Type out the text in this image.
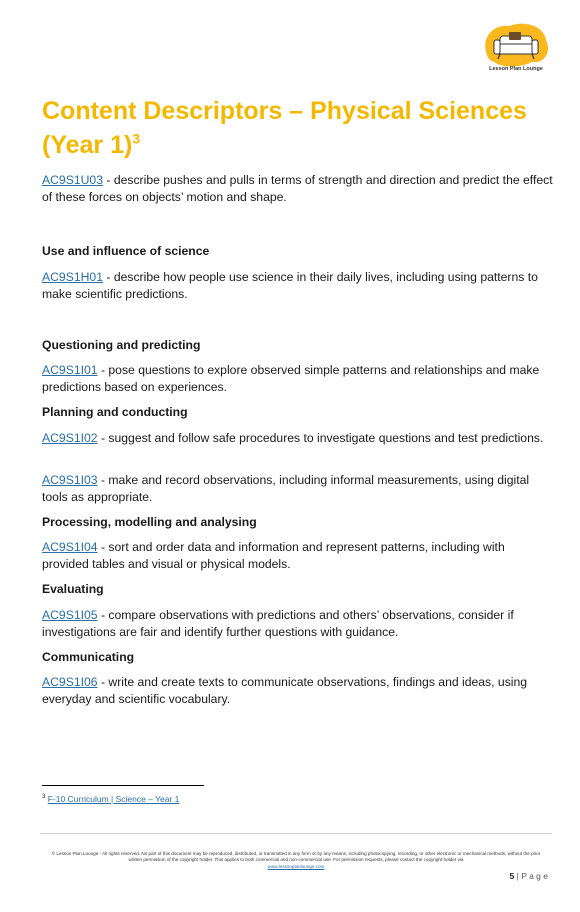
Lesson Plan Lounge
Content Descriptors – Physical Sciences (Year 1)$^3$

AC9S1U03 - describe pushes and pulls in terms of strength and direction and predict the effect of these forces on objects’ motion and shape.

Use and influence of science

AC9S1H01 - describe how people use science in their daily lives, including using patterns to make scientific predictions.

Questioning and predicting

AC9S1I01 - pose questions to explore observed simple patterns and relationships and make predictions based on experiences.

Planning and conducting

AC9S1I02 - suggest and follow safe procedures to investigate questions and test predictions.

AC9S1I03 - make and record observations, including informal measurements, using digital tools as appropriate.

Processing, modelling and analysing

AC9S1I04 - sort and order data and information and represent patterns, including with provided tables and visual or physical models.

Evaluating

AC9S1I05 - compare observations with predictions and others’ observations, consider if investigations are fair and identify further questions with guidance.

Communicating

AC9S1I06 - write and create texts to communicate observations, findings and ideas, using everyday and scientific vocabulary.

$^3$ F-10 Curriculum | Science – Year 1
© Lesson Plan Lounge - All rights reserved. No part of this document may be reproduced, distributed, or transmitted in any form or by any means, including photocopying, recording, or other electronic or mechanical methods, without the prior written permission of the copyright holder. This applies to both commercial and non-commercial use. For permission requests, please contact the copyright holder via
www.lessonplanlounge.com
5 | P a g e
